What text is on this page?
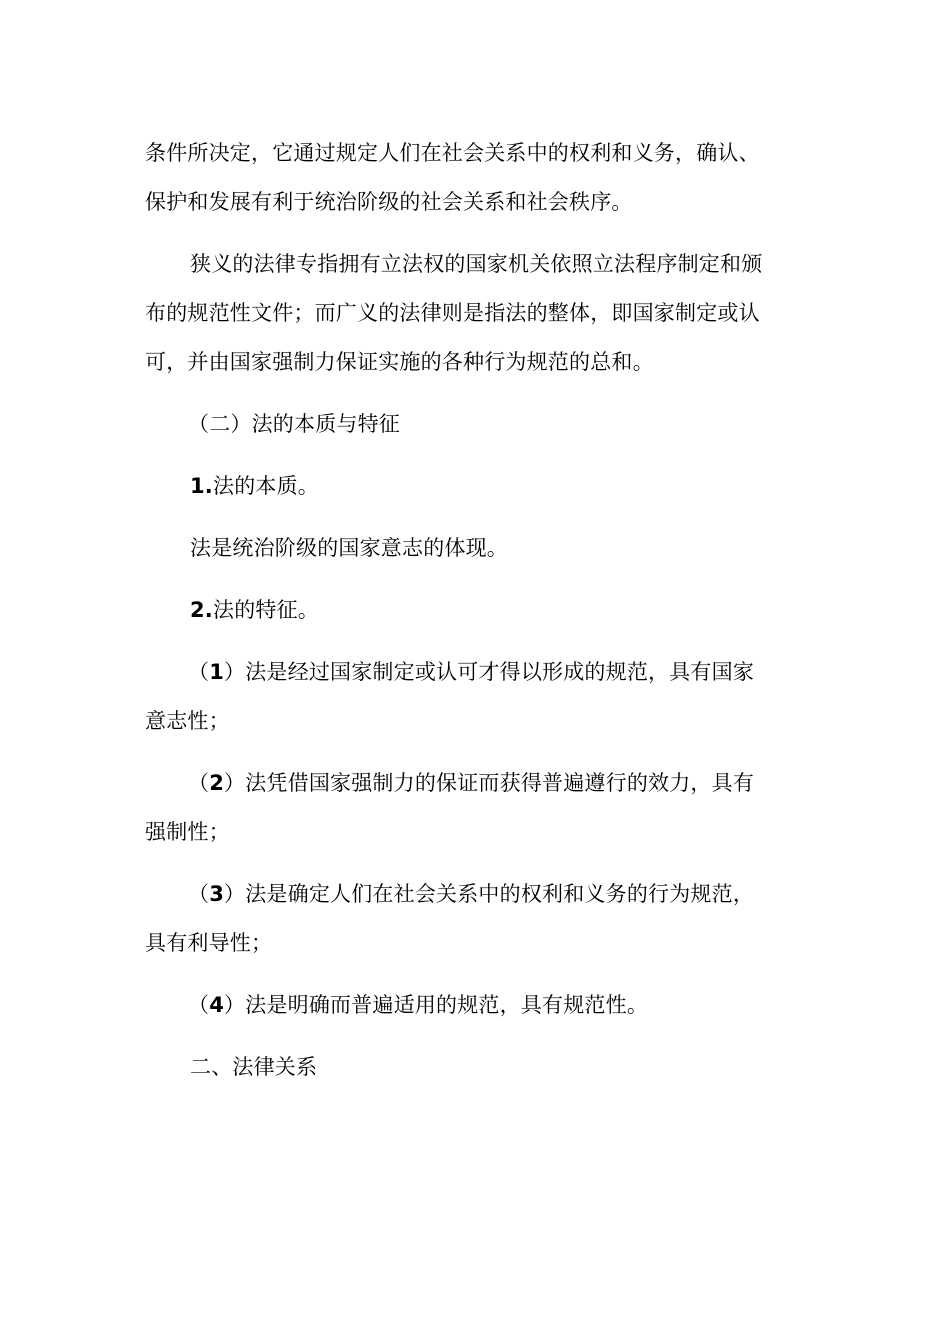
条件所决定，它通过规定人们在社会关系中的权利和义务，确认、
保护和发展有利于统治阶级的社会关系和社会秩序。
狭义的法律专指拥有立法权的国家机关依照立法程序制定和颁
布的规范性文件；而广义的法律则是指法的整体，即国家制定或认
可，并由国家强制力保证实施的各种行为规范的总和。
（二）法的本质与特征
1.法的本质。
法是统治阶级的国家意志的体现。
2.法的特征。
（1）法是经过国家制定或认可才得以形成的规范，具有国家
意志性；
（2）法凭借国家强制力的保证而获得普遍遵行的效力，具有
强制性；
（3）法是确定人们在社会关系中的权利和义务的行为规范，
具有利导性；
（4）法是明确而普遍适用的规范，具有规范性。
二、法律关系
